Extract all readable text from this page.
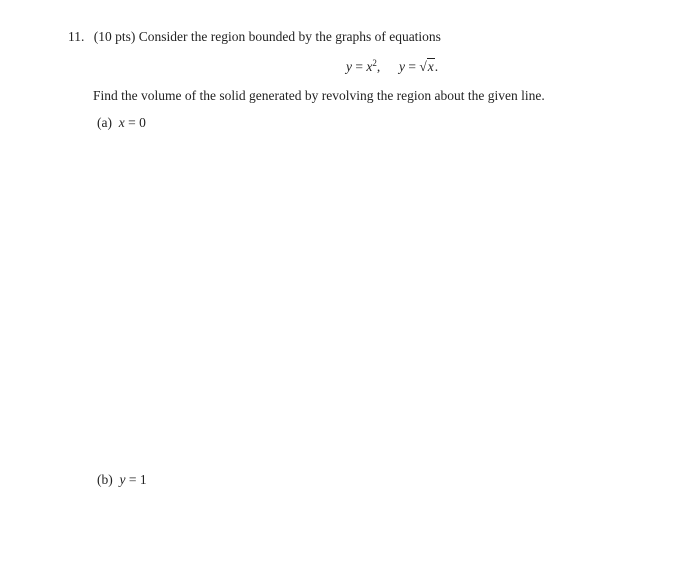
11. (10 pts) Consider the region bounded by the graphs of equations
$y = x^2$, y = √x.
Find the volume of the solid generated by revolving the region about the given line.
(a) x = 0
(b) y = 1
